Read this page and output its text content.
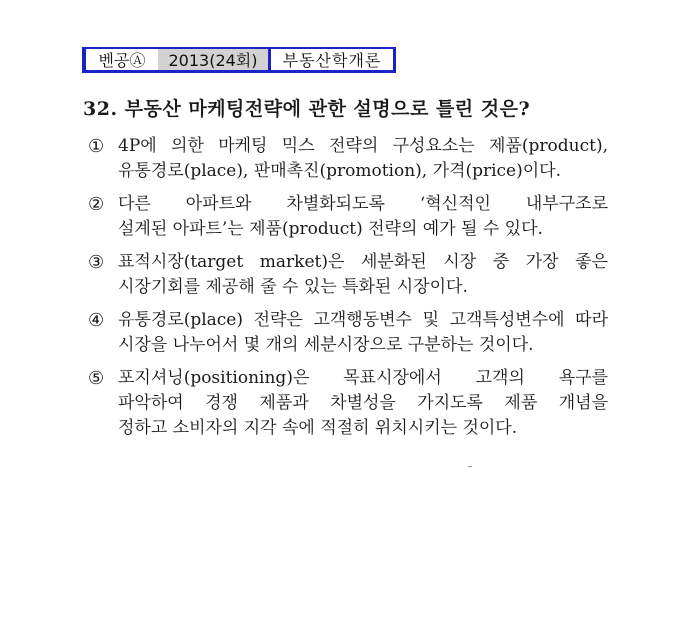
벤공Ⓐ	2013(24회)	부동산학개론
32. 부동산 마케팅전략에 관한 설명으로 틀린 것은?
① 4P에 의한 마케팅 믹스 전략의 구성요소는 제품(product),
유통경로(place), 판매촉진(promotion), 가격(price)이다.
② 다른 아파트와 차별화되도록 ‘혁신적인 내부구조로
설계된 아파트’는 제품(product) 전략의 예가 될 수 있다.
③ 표적시장(target market)은 세분화된 시장 중 가장 좋은
시장기회를 제공해 줄 수 있는 특화된 시장이다.
④ 유통경로(place) 전략은 고객행동변수 및 고객특성변수에 따라
시장을 나누어서 몇 개의 세분시장으로 구분하는 것이다.
⑤ 포지셔닝(positioning)은 목표시장에서 고객의 욕구를
파악하여 경쟁 제품과 차별성을 가지도록 제품 개념을
정하고 소비자의 지각 속에 적절히 위치시키는 것이다.
